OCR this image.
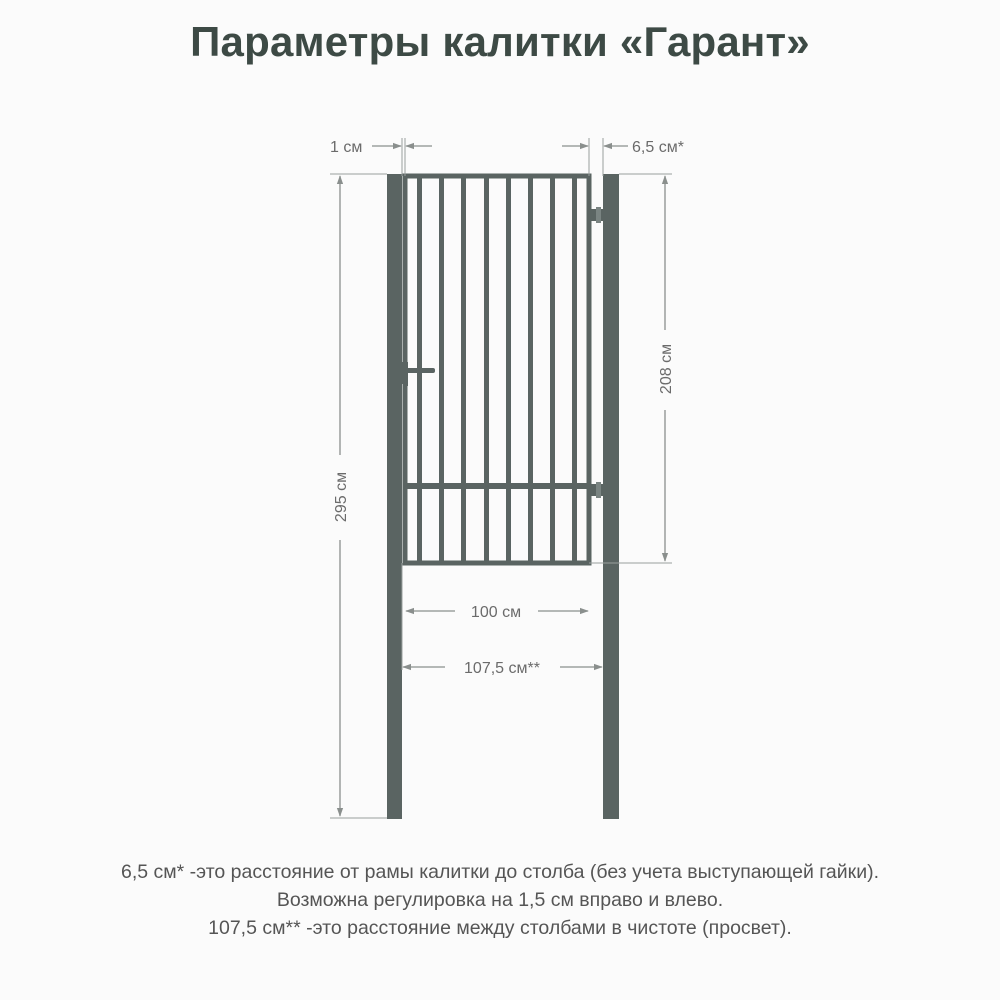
Параметры калитки «Гарант»
1 см	6,5 см*
295 см
208 см
100 см
107,5 см**
6,5 см* -это расстояние от рамы калитки до столба (без учета выступающей гайки).
Возможна регулировка на 1,5 см вправо и влево.
107,5 см** -это расстояние между столбами в чистоте (просвет).
